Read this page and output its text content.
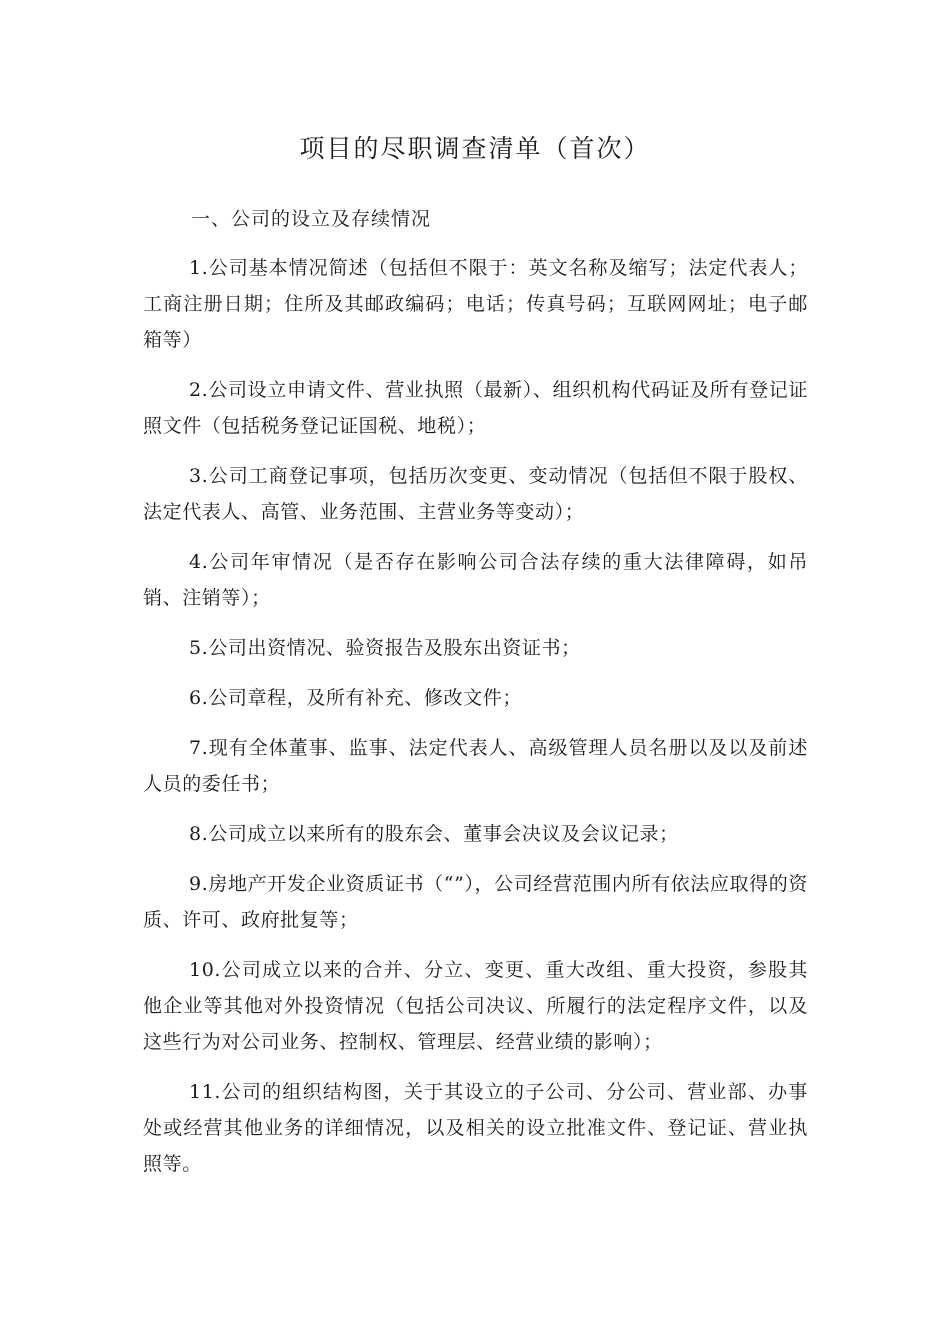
项目的尽职调查清单（首次）
一、公司的设立及存续情况
1.公司基本情况简述（包括但不限于：英文名称及缩写；法定代表人；工商注册日期；住所及其邮政编码；电话；传真号码；互联网网址；电子邮箱等）
2.公司设立申请文件、营业执照（最新）、组织机构代码证及所有登记证照文件（包括税务登记证国税、地税）；
3.公司工商登记事项，包括历次变更、变动情况（包括但不限于股权、法定代表人、高管、业务范围、主营业务等变动）；
4.公司年审情况（是否存在影响公司合法存续的重大法律障碍，如吊销、注销等）；
5.公司出资情况、验资报告及股东出资证书；
6.公司章程，及所有补充、修改文件；
7.现有全体董事、监事、法定代表人、高级管理人员名册以及以及前述人员的委任书；
8.公司成立以来所有的股东会、董事会决议及会议记录；
9.房地产开发企业资质证书（“”），公司经营范围内所有依法应取得的资质、许可、政府批复等；
10.公司成立以来的合并、分立、变更、重大改组、重大投资，参股其他企业等其他对外投资情况（包括公司决议、所履行的法定程序文件，以及这些行为对公司业务、控制权、管理层、经营业绩的影响）；
11.公司的组织结构图，关于其设立的子公司、分公司、营业部、办事处或经营其他业务的详细情况，以及相关的设立批准文件、登记证、营业执照等。
